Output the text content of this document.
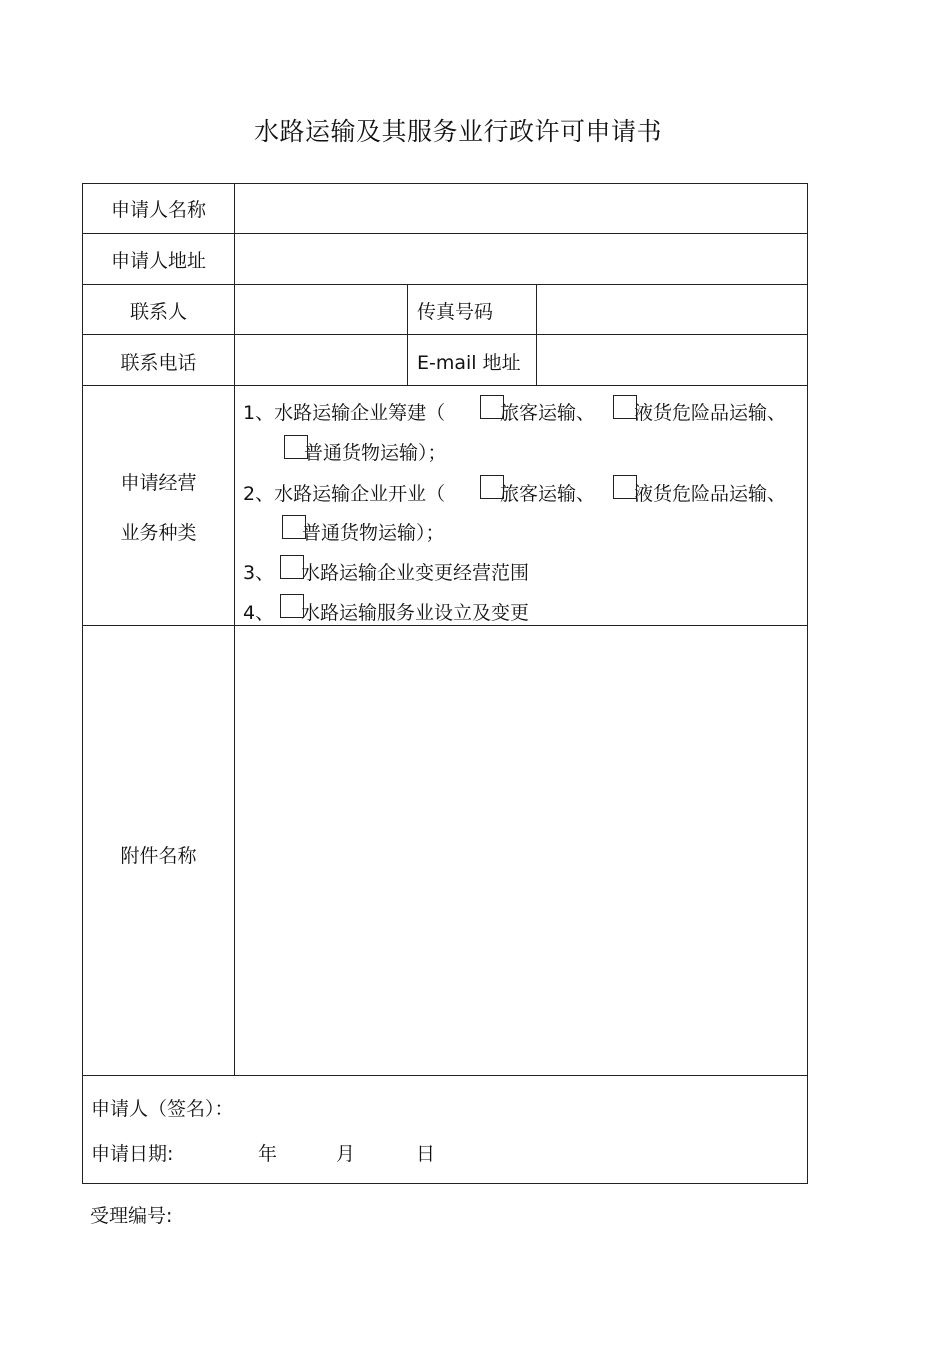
水路运输及其服务业行政许可申请书
申请人名称
申请人地址
联系人	传真号码
联系电话	E-mail 地址
申请经营
业务种类
1、水路运输企业筹建（	旅客运输、 液货危险品运输、
普通货物运输）；
2、水路运输企业开业（	旅客运输、 液货危险品运输、
普通货物运输）；
3、 水路运输企业变更经营范围
4、 水路运输服务业设立及变更
附件名称
申请人（签名）：
申请日期:	年	月	日
受理编号:
